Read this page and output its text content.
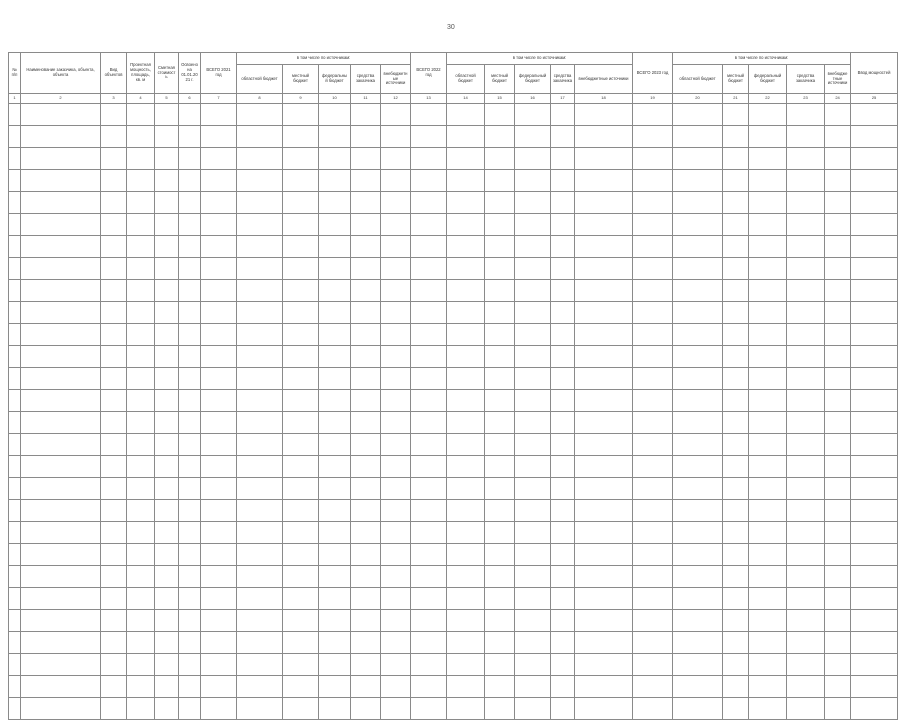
30
№ п/п	Наименование заказчика, объекта, объекта	Вид объектов	Проектная мощность, площадь, кв. м	Сметная стоимость	Освоено на 01.01.2021 г.	ВСЕГО 2021 год	в том числе по источникам:					ВСЕГО 2022 год	в том числе по источникам:					ВСЕГО 2023 год	в том числе по источникам:					Ввод мощностей
							областной бюджет	местный бюджет	федеральный бюджет	средства заказчика	внебюджетные источники		областной бюджет	местный бюджет	федеральный бюджет	средства заказчика	внебюджетные источники		областной бюджет	местный бюджет	федеральный бюджет	средства заказчика	внебюджетные источники	
1	2	3	4	5	6	7	8	9	10	11	12	13	14	15	16	17	18	19	20	21	22	23	24	25
